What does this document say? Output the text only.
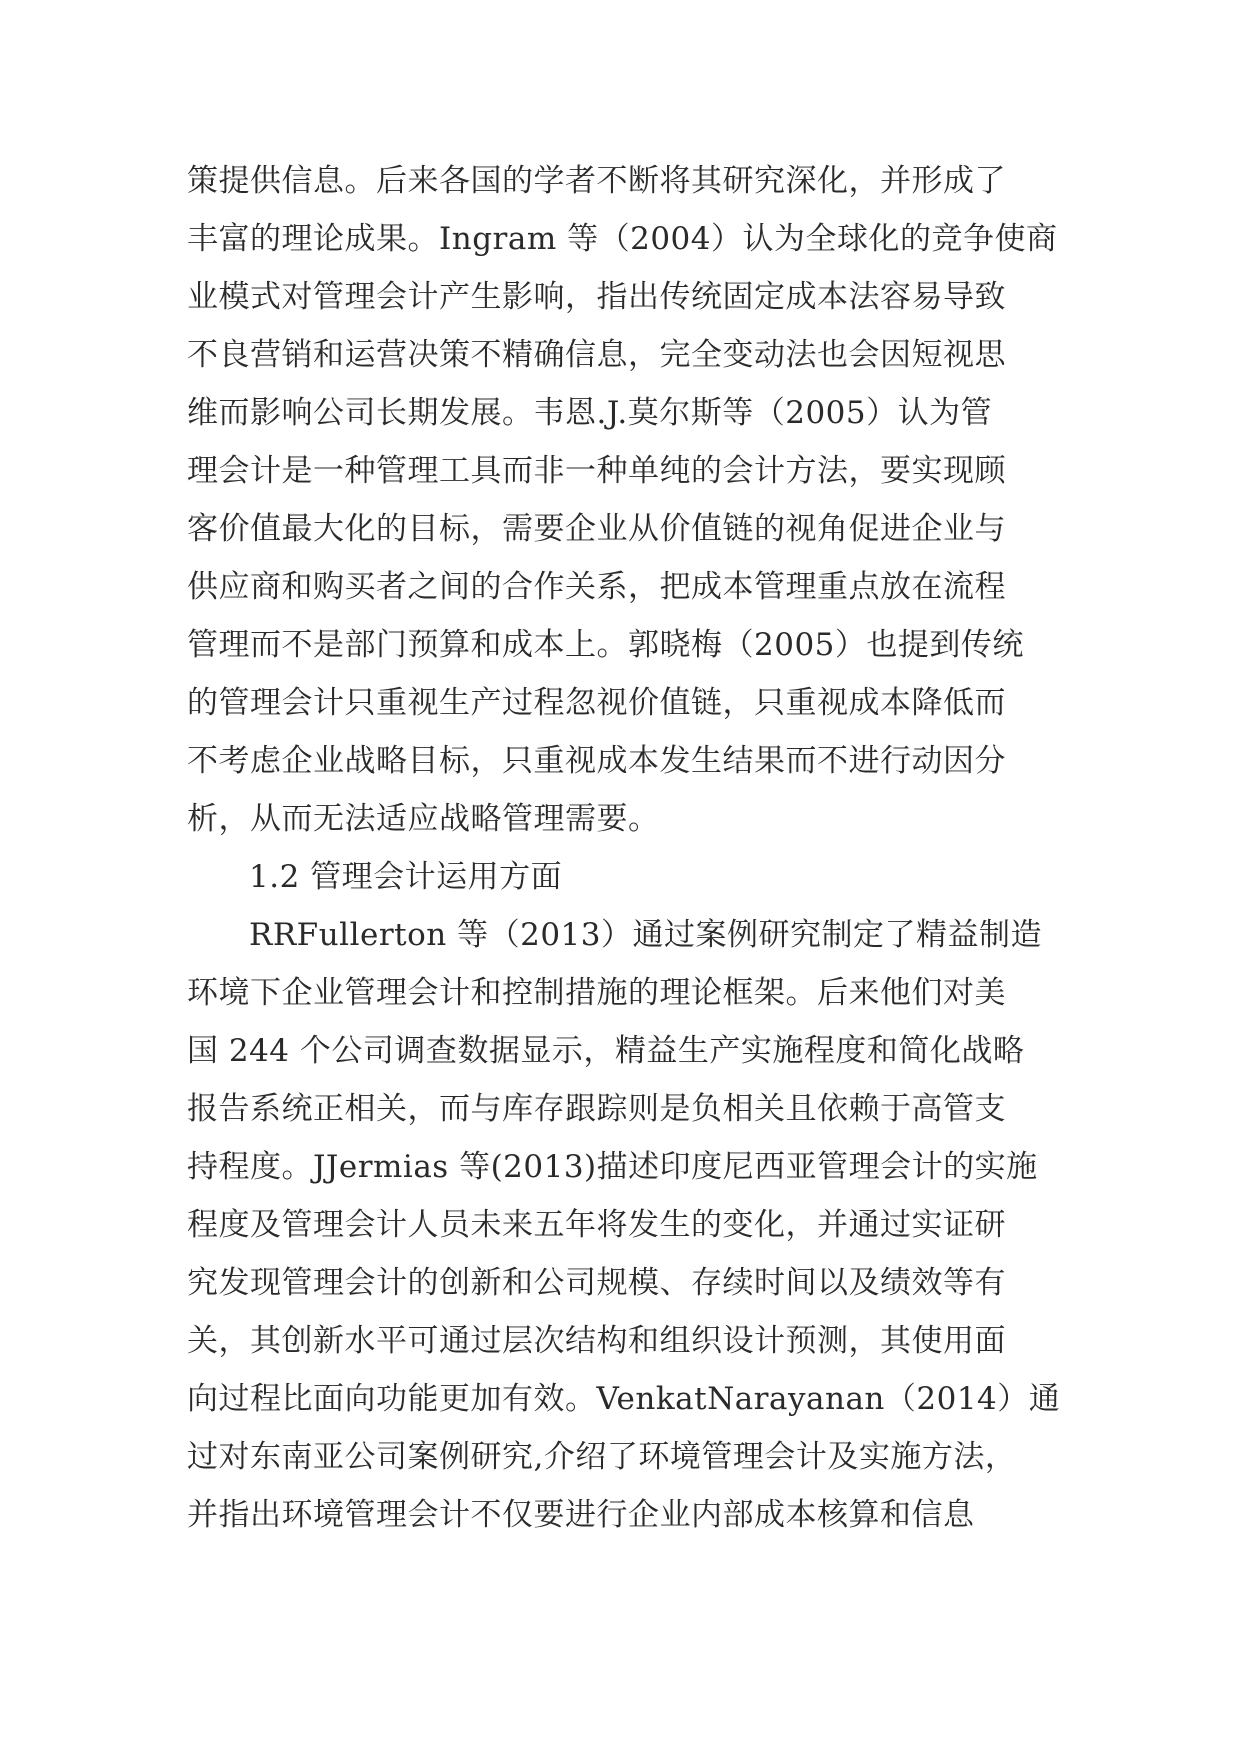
策提供信息。后来各国的学者不断将其研究深化，并形成了
丰富的理论成果。Ingram 等（2004）认为全球化的竞争使商
业模式对管理会计产生影响，指出传统固定成本法容易导致
不良营销和运营决策不精确信息，完全变动法也会因短视思
维而影响公司长期发展。韦恩.J.莫尔斯等（2005）认为管
理会计是一种管理工具而非一种单纯的会计方法，要实现顾
客价值最大化的目标，需要企业从价值链的视角促进企业与
供应商和购买者之间的合作关系，把成本管理重点放在流程
管理而不是部门预算和成本上。郭晓梅（2005）也提到传统
的管理会计只重视生产过程忽视价值链，只重视成本降低而
不考虑企业战略目标，只重视成本发生结果而不进行动因分
析，从而无法适应战略管理需要。
1.2 管理会计运用方面
RRFullerton 等（2013）通过案例研究制定了精益制造
环境下企业管理会计和控制措施的理论框架。后来他们对美
国 244 个公司调查数据显示，精益生产实施程度和简化战略
报告系统正相关，而与库存跟踪则是负相关且依赖于高管支
持程度。JJermias 等(2013)描述印度尼西亚管理会计的实施
程度及管理会计人员未来五年将发生的变化，并通过实证研
究发现管理会计的创新和公司规模、存续时间以及绩效等有
关，其创新水平可通过层次结构和组织设计预测，其使用面
向过程比面向功能更加有效。VenkatNarayanan（2014）通
过对东南亚公司案例研究,介绍了环境管理会计及实施方法，
并指出环境管理会计不仅要进行企业内部成本核算和信息
